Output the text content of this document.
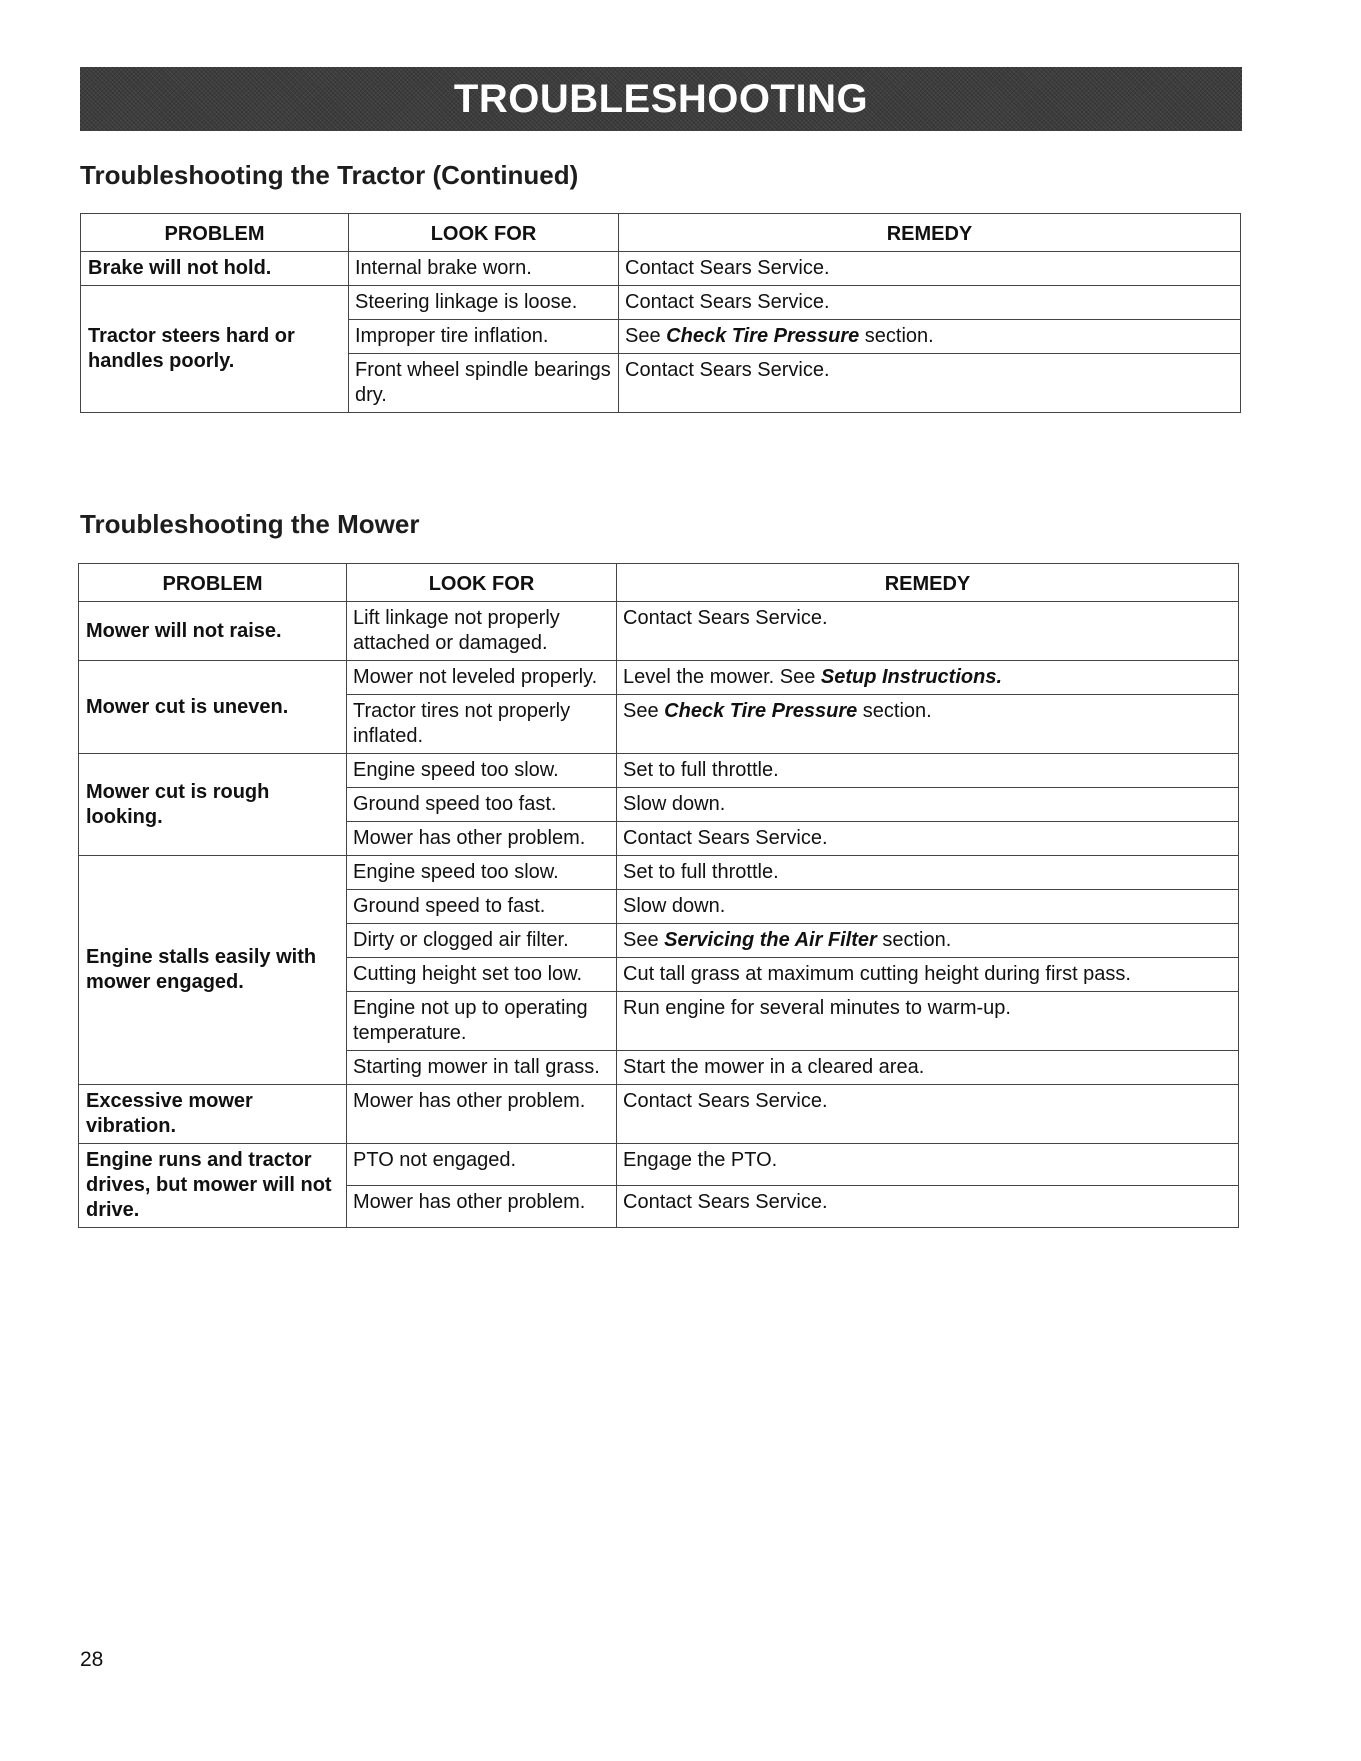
TROUBLESHOOTING
Troubleshooting the Tractor (Continued)
PROBLEM	LOOK FOR	REMEDY
Brake will not hold.	Internal brake worn.	Contact Sears Service.
Tractor steers hard or handles poorly.	Steering linkage is loose.	Contact Sears Service.
	Improper tire inflation.	See Check Tire Pressure section.
	Front wheel spindle bearings dry.	Contact Sears Service.
Troubleshooting the Mower
PROBLEM	LOOK FOR	REMEDY
Mower will not raise.	Lift linkage not properly attached or damaged.	Contact Sears Service.
Mower cut is uneven.	Mower not leveled properly.	Level the mower. See Setup Instructions.
	Tractor tires not properly inflated.	See Check Tire Pressure section.
Mower cut is rough looking.	Engine speed too slow.	Set to full throttle.
	Ground speed too fast.	Slow down.
	Mower has other problem.	Contact Sears Service.
Engine stalls easily with mower engaged.	Engine speed too slow.	Set to full throttle.
	Ground speed to fast.	Slow down.
	Dirty or clogged air filter.	See Servicing the Air Filter section.
	Cutting height set too low.	Cut tall grass at maximum cutting height during first pass.
	Engine not up to operating temperature.	Run engine for several minutes to warm-up.
	Starting mower in tall grass.	Start the mower in a cleared area.
Excessive mower vibration.	Mower has other problem.	Contact Sears Service.
Engine runs and tractor drives, but mower will not drive.	PTO not engaged.	Engage the PTO.
	Mower has other problem.	Contact Sears Service.
28
